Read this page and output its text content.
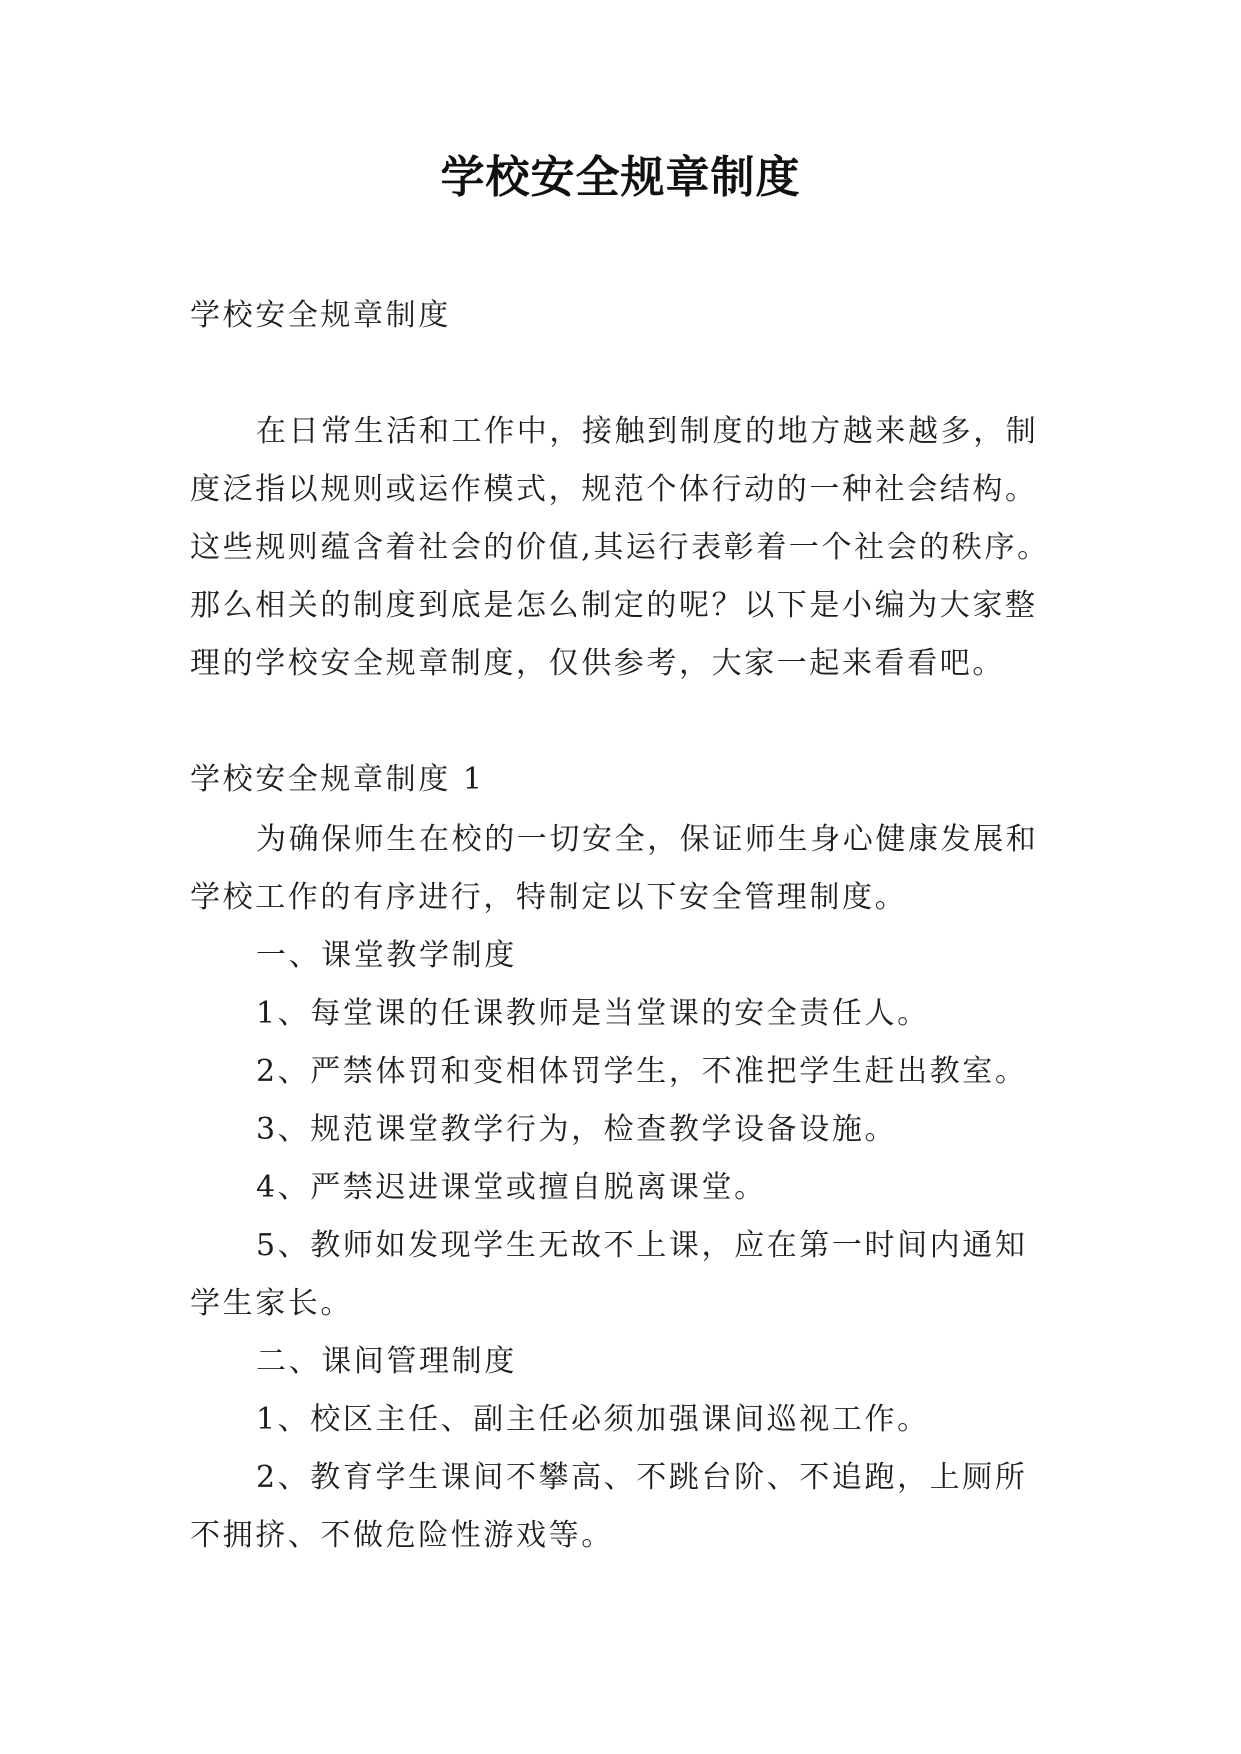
学校安全规章制度
学校安全规章制度
在日常生活和工作中，接触到制度的地方越来越多，制度泛指以规则或运作模式，规范个体行动的一种社会结构。这些规则蕴含着社会的价值,其运行表彰着一个社会的秩序。那么相关的制度到底是怎么制定的呢？以下是小编为大家整理的学校安全规章制度，仅供参考，大家一起来看看吧。
学校安全规章制度 1

为确保师生在校的一切安全，保证师生身心健康发展和学校工作的有序进行，特制定以下安全管理制度。

一、课堂教学制度

1、每堂课的任课教师是当堂课的安全责任人。

2、严禁体罚和变相体罚学生，不准把学生赶出教室。

3、规范课堂教学行为，检查教学设备设施。

4、严禁迟进课堂或擅自脱离课堂。

5、教师如发现学生无故不上课，应在第一时间内通知学生家长。

二、课间管理制度

1、校区主任、副主任必须加强课间巡视工作。

2、教育学生课间不攀高、不跳台阶、不追跑，上厕所不拥挤、不做危险性游戏等。
